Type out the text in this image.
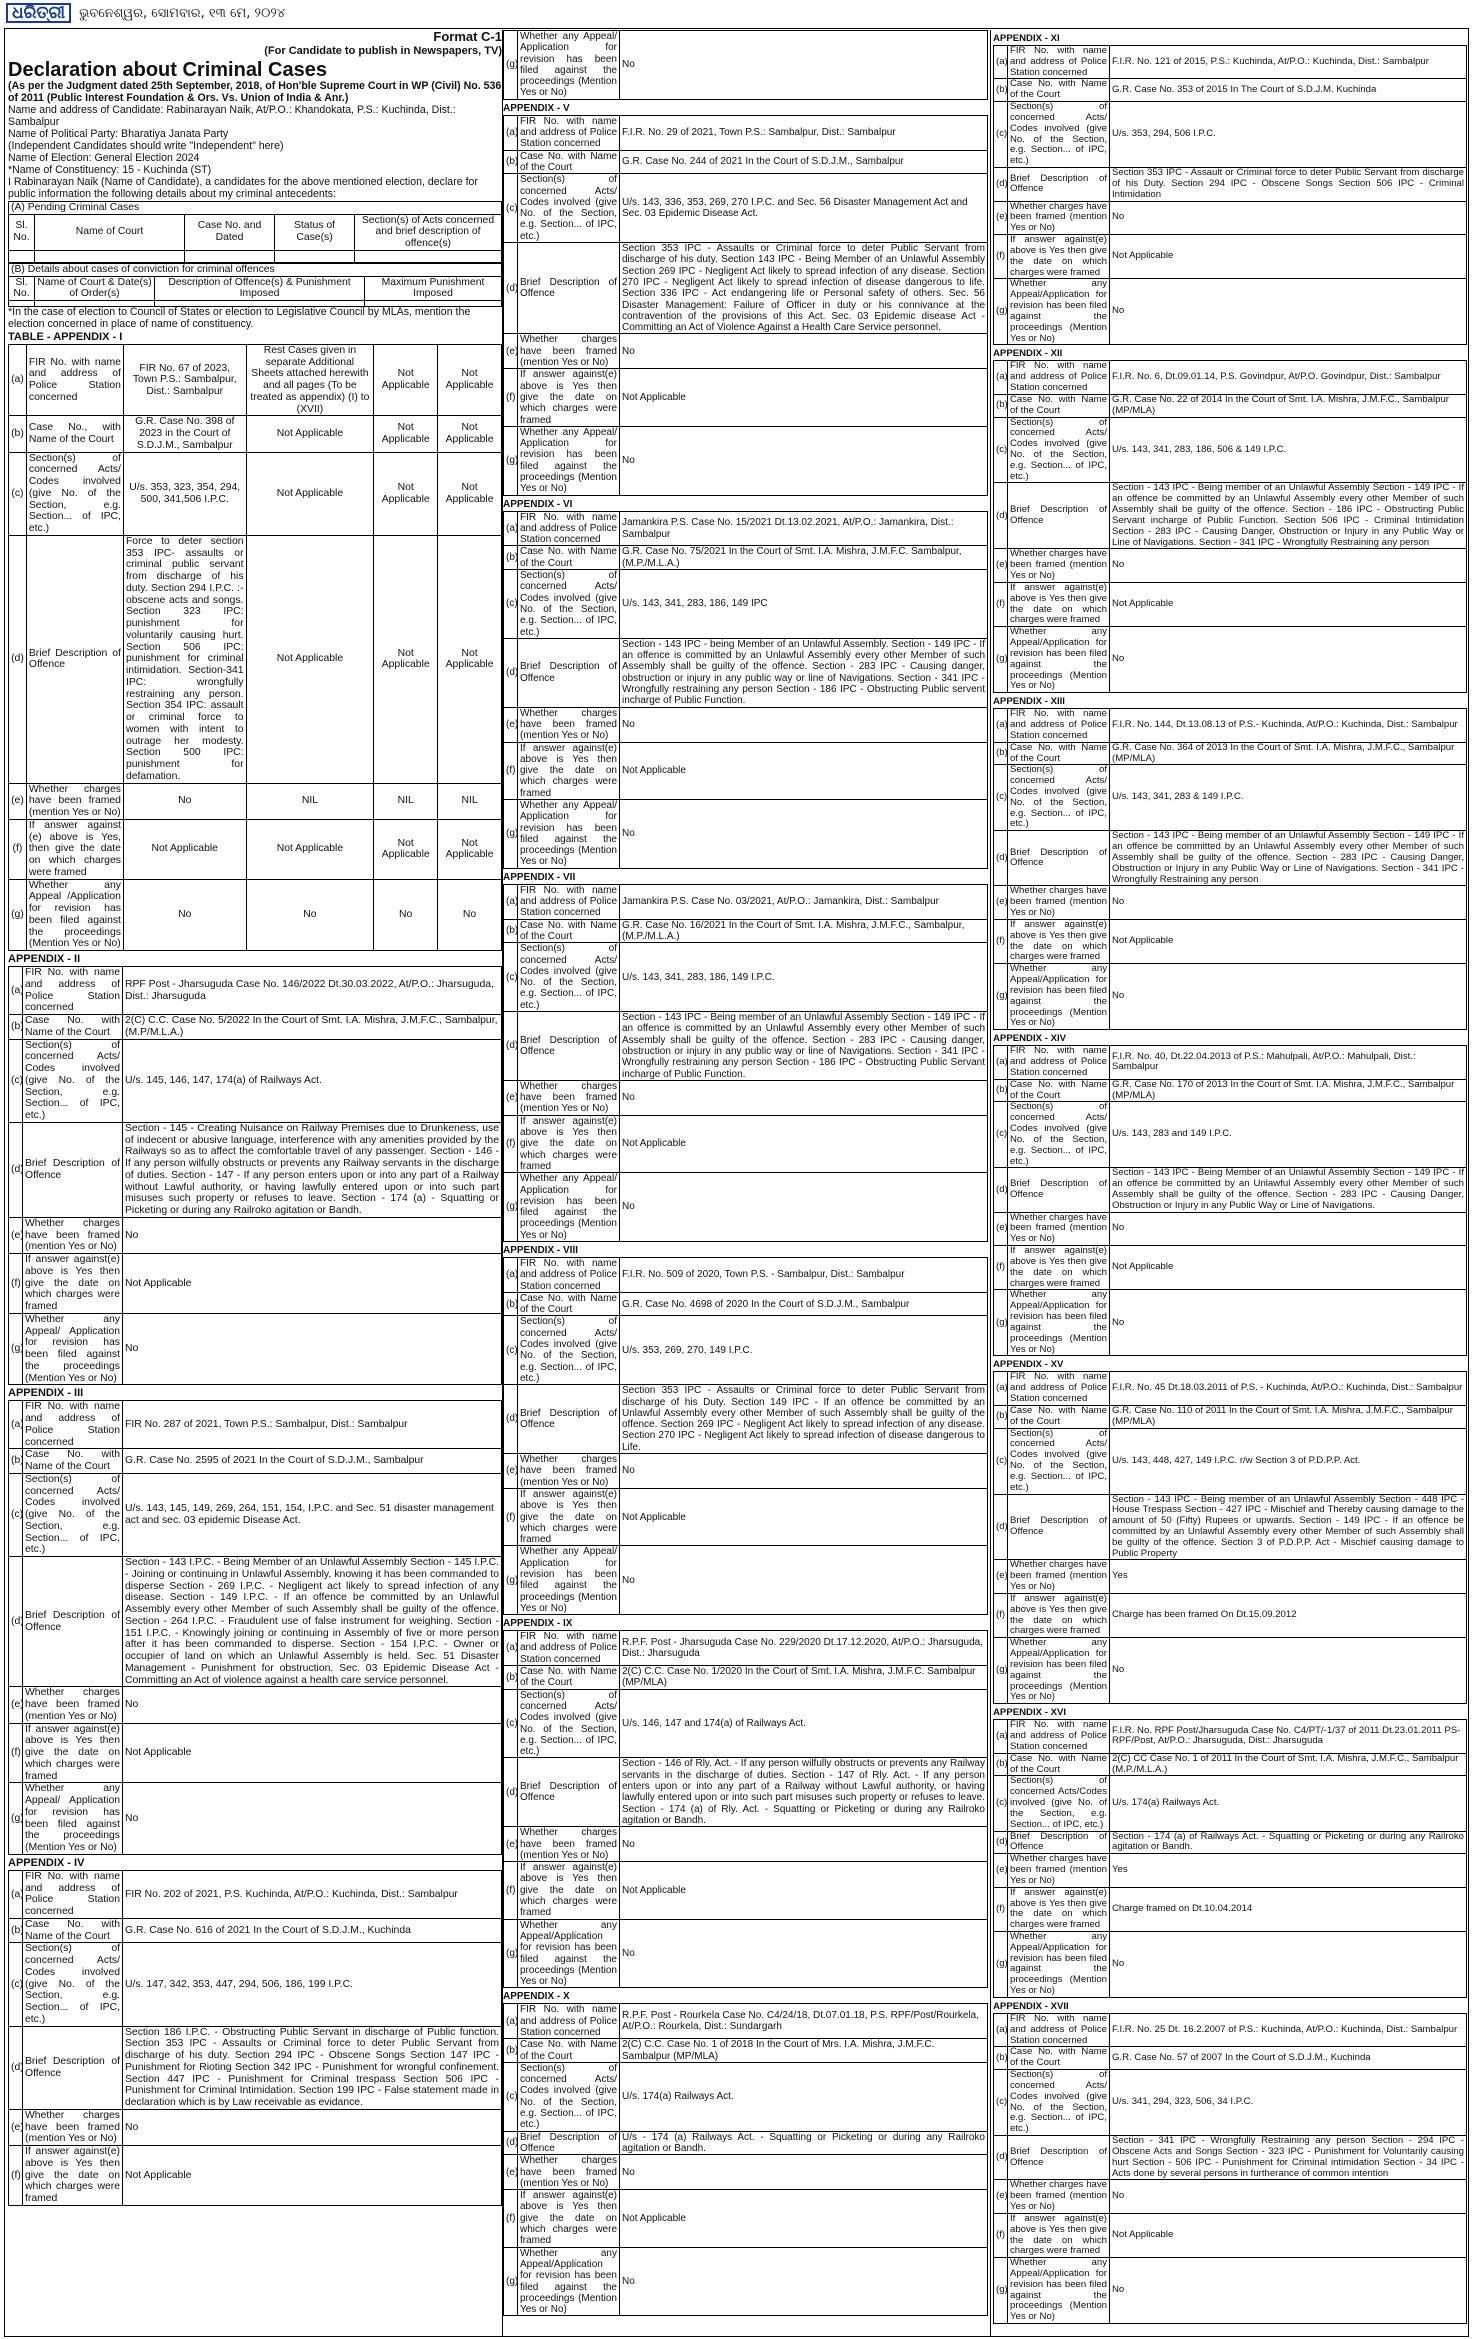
ଧରିତ୍ରୀ	ଭୁବନେଶ୍ୱର, ସୋମବାର, ୧୩ ମେ, ୨୦୨୪
Format C-1
(For Candidate to publish in Newspapers, TV)
Declaration about Criminal Cases
(As per the Judgment dated 25th September, 2018, of Hon'ble Supreme Court in WP (Civil) No. 536 of 2011 (Public Interest Foundation & Ors. Vs. Union of India & Anr.)
Name and address of Candidate: Rabinarayan Naik, At/P.O.: Khandokata, P.S.: Kuchinda, Dist.: Sambalpur
Name of Political Party: Bharatiya Janata Party
(Independent Candidates should write "Independent" here)
Name of Election: General Election 2024
*Name of Constituency: 15 - Kuchinda (ST)
I Rabinarayan Naik (Name of Candidate), a candidates for the above mentioned election, declare for public information the following details about my criminal antecedents:
(A) Pending Criminal Cases
Sl. No.	Name of Court	Case No. and Dated	Status of Case(s)	Section(s) of Acts concerned and brief description of offence(s)

(B) Details about cases of conviction for criminal offences
Sl. No.	Name of Court & Date(s) of Order(s)	Description of Offence(s) & Punishment Imposed	Maximum Punishment Imposed

*In the case of election to Council of States or election to Legislative Council by MLAs, mention the election concerned in place of name of constituency.
TABLE - APPENDIX - I
(a)	FIR No. with name and address of Police Station concerned	FIR No. 67 of 2023, Town P.S.: Sambalpur, Dist.: Sambalpur	Rest Cases given in separate Additional Sheets attached herewith and all pages (To be treated as appendix) (I) to (XVII)	Not Applicable	Not Applicable
(b)	Case No., with Name of the Court	G.R. Case No. 398 of 2023 in the Court of S.D.J.M., Sambalpur	Not Applicable	Not Applicable	Not Applicable
(c)	Section(s) of concerned Acts/ Codes involved (give No. of the Section, e.g. Section... of IPC, etc.)	U/s. 353, 323, 354, 294, 500, 341,506 I.P.C.	Not Applicable	Not Applicable	Not Applicable
(d)	Brief Description of Offence	Force to deter section 353 IPC- assaults or criminal public servant from discharge of his duty. Section 294 I.P.C. :- obscene acts and songs. Section 323 IPC: punishment for voluntarily causing hurt. Section 506 IPC: punishment for criminal intimidation. Section-341 IPC: wrongfully restraining any person. Section 354 IPC: assault or criminal force to women with intent to outrage her modesty. Section 500 IPC: punishment for defamation.	Not Applicable	Not Applicable	Not Applicable
(e)	Whether charges have been framed (mention Yes or No)	No	NIL	NIL	NIL
(f)	If answer against (e) above is Yes, then give the date on which charges were framed	Not Applicable	Not Applicable	Not Applicable	Not Applicable
(g)	Whether any Appeal /Application for revision has been filed against the proceedings (Mention Yes or No)	No	No	No	No
APPENDIX - II
(a)	FIR No. with name and address of Police Station concerned	RPF Post - Jharsuguda Case No. 146/2022 Dt.30.03.2022, At/P.O.: Jharsuguda, Dist.: Jharsuguda
(b)	Case No. with Name of the Court	2(C) C.C. Case No. 5/2022 In the Court of Smt. I.A. Mishra, J.M.F.C., Sambalpur, (M.P/M.L.A.)
(c)	Section(s) of concerned Acts/ Codes involved (give No. of the Section, e.g. Section... of IPC, etc.)	U/s. 145, 146, 147, 174(a) of Railways Act.
(d)	Brief Description of Offence	Section - 145 - Creating Nuisance on Railway Premises due to Drunkeness, use of indecent or abusive language, interference with any amenities provided by the Railways so as to affect the comfortable travel of any passenger. Section - 146 - If any person wilfully obstructs or prevents any Railway servants in the discharge of duties. Section - 147 - If any person enters upon or into any part of a Railway without Lawful authority, or having lawfully entered upon or into such part misuses such property or refuses to leave. Section - 174 (a) - Squatting or Picketing or during any Railroko agitation or Bandh.
(e)	Whether charges have been framed (mention Yes or No)	No
(f)	If answer against(e) above is Yes then give the date on which charges were framed	Not Applicable
(g)	Whether any Appeal/ Application for revision has been filed against the proceedings (Mention Yes or No)	No
APPENDIX - III
(a)	FIR No. with name and address of Police Station concerned	FIR No. 287 of 2021, Town P.S.: Sambalpur, Dist.: Sambalpur
(b)	Case No. with Name of the Court	G.R. Case No. 2595 of 2021 In the Court of S.D.J.M., Sambalpur
(c)	Section(s) of concerned Acts/ Codes involved (give No. of the Section, e.g. Section... of IPC, etc.)	U/s. 143, 145, 149, 269, 264, 151, 154, I.P.C. and Sec. 51 disaster management act and sec. 03 epidemic Disease Act.
(d)	Brief Description of Offence	Section - 143 I.P.C. - Being Member of an Unlawful Assembly Section - 145 I.P.C. - Joining or continuing in Unlawful Assembly, knowing it has been commanded to disperse Section - 269 I.P.C. - Negligent act likely to spread infection of any disease. Section - 149 I.P.C. - If an offence be committed by an Unlawful Assembly every other Member of such Assembly shall be guilty of the offence. Section - 264 I.P.C. - Fraudulent use of false instrument for weighing. Section - 151 I.P.C. - Knowingly joining or continuing in Assembly of five or more person after it has been commanded to disperse. Section - 154 I.P.C. - Owner or occupier of land on which an Unlawful Assembly is held. Sec. 51 Disaster Management - Punishment for obstruction. Sec. 03 Epidemic Disease Act - Committing an Act of violence against a health care service personnel.
(e)	Whether charges have been framed (mention Yes or No)	No
(f)	If answer against(e) above is Yes then give the date on which charges were framed	Not Applicable
(g)	Whether any Appeal/ Application for revision has been filed against the proceedings (Mention Yes or No)	No
APPENDIX - IV
(a)	FIR No. with name and address of Police Station concerned	FIR No. 202 of 2021, P.S. Kuchinda, At/P.O.: Kuchinda, Dist.: Sambalpur
(b)	Case No. with Name of the Court	G.R. Case No. 616 of 2021 In the Court of S.D.J.M., Kuchinda
(c)	Section(s) of concerned Acts/ Codes involved (give No. of the Section, e.g. Section... of IPC, etc.)	U/s. 147, 342, 353, 447, 294, 506, 186, 199 I.P.C.
(d)	Brief Description of Offence	Section 186 I.P.C. - Obstructing Public Servant in discharge of Public function. Section 353 IPC - Assaults or Criminal force to deter Public Servant from discharge of his duty. Section 294 IPC - Obscene Songs Section 147 IPC - Punishment for Rioting Section 342 IPC - Punishment for wrongful confinement. Section 447 IPC - Punishment for Criminal trespass Section 506 IPC - Punishment for Criminal Intimidation. Section 199 IPC - False statement made in declaration which is by Law receivable as evidance.
(e)	Whether charges have been framed (mention Yes or No)	No
(f)	If answer against(e) above is Yes then give the date on which charges were framed	Not Applicable
(g)	Whether any Appeal/ Application for revision has been filed against the proceedings (Mention Yes or No)	No
APPENDIX - V
(a)	FIR No. with name and address of Police Station concerned	F.I.R. No. 29 of 2021, Town P.S.: Sambalpur, Dist.: Sambalpur
(b)	Case No. with Name of the Court	G.R. Case No. 244 of 2021 In the Court of S.D.J.M., Sambalpur
(c)	Section(s) of concerned Acts/ Codes involved (give No. of the Section, e.g. Section... of IPC, etc.)	U/s. 143, 336, 353, 269, 270 I.P.C. and Sec. 56 Disaster Management Act and Sec. 03 Epidemic Disease Act.
(d)	Brief Description of Offence	Section 353 IPC - Assaults or Criminal force to deter Public Servant from discharge of his duty. Section 143 IPC - Being Member of an Unlawful Assembly Section 269 IPC - Negligent Act likely to spread infection of any disease. Section 270 IPC - Negligent Act likely to spread infection of disease dangerous to life. Section 336 IPC - Act endangering life or Personal safety of others. Sec. 56 Disaster Management: Failure of Officer in duty or his connivance at the contravention of the provisions of this Act. Sec. 03 Epidemic disease Act - Committing an Act of Violence Against a Health Care Service personnel.
(e)	Whether charges have been framed (mention Yes or No)	No
(f)	If answer against(e) above is Yes then give the date on which charges were framed	Not Applicable
(g)	Whether any Appeal/ Application for revision has been filed against the proceedings (Mention Yes or No)	No
APPENDIX - VI
(a)	FIR No. with name and address of Police Station concerned	Jamankira P.S. Case No. 15/2021 Dt.13.02.2021, At/P.O.: Jamankira, Dist.: Sambalpur
(b)	Case No. with Name of the Court	G.R. Case No. 75/2021 In the Court of Smt. I.A. Mishra, J.M.F.C. Sambalpur, (M.P./M.L.A.)
(c)	Section(s) of concerned Acts/ Codes involved (give No. of the Section, e.g. Section... of IPC, etc.)	U/s. 143, 341, 283, 186, 149 IPC
(d)	Brief Description of Offence	Section - 143 IPC - being Member of an Unlawful Assembly. Section - 149 IPC - If an offence is committed by an Unlawful Assembly every other Member of such Assembly shall be guilty of the offence. Section - 283 IPC - Causing danger, obstruction or injury in any public way or line of Navigations. Section - 341 IPC - Wrongfully restraining any person Section - 186 IPC - Obstructing Public servent incharge of Public Function.
(e)	Whether charges have been framed (mention Yes or No)	No
(f)	If answer against(e) above is Yes then give the date on which charges were framed	Not Applicable
(g)	Whether any Appeal/ Application for revision has been filed against the proceedings (Mention Yes or No)	No
APPENDIX - VII
(a)	FIR No. with name and address of Police Station concerned	Jamankira P.S. Case No. 03/2021, At/P.O.: Jamankira, Dist.: Sambalpur
(b)	Case No. with Name of the Court	G.R. Case No. 16/2021 In the Court of Smt. I.A. Mishra, J.M.F.C., Sambalpur, (M.P./M.L.A.)
(c)	Section(s) of concerned Acts/ Codes involved (give No. of the Section, e.g. Section... of IPC, etc.)	U/s. 143, 341, 283, 186, 149 I.P.C.
(d)	Brief Description of Offence	Section - 143 IPC - Being member of an Unlawful Assembly Section - 149 IPC - If an offence is committed by an Unlawful Assembly every other Member of such Assembly shall be guilty of the offence. Section - 283 IPC - Causing danger, obstruction or injury in any public way or line of Navigations. Section - 341 IPC - Wrongfully restraining any person Section - 186 IPC - Obstructing Public Servant incharge of Public Function.
(e)	Whether charges have been framed (mention Yes or No)	No
(f)	If answer against(e) above is Yes then give the date on which charges were framed	Not Applicable
(g)	Whether any Appeal/ Application for revision has been filed against the proceedings (Mention Yes or No)	No
APPENDIX - VIII
(a)	FIR No. with name and address of Police Station concerned	F.I.R. No. 509 of 2020, Town P.S. - Sambalpur, Dist.: Sambalpur
(b)	Case No. with Name of the Court	G.R. Case No. 4698 of 2020 In the Court of S.D.J.M., Sambalpur
(c)	Section(s) of concerned Acts/ Codes involved (give No. of the Section, e.g. Section... of IPC, etc.)	U/s. 353, 269, 270, 149 I.P.C.
(d)	Brief Description of Offence	Section 353 IPC - Assaults or Criminal force to deter Public Servant from discharge of his Duty. Section 149 IPC - If an offence be committed by an Unlawful Assembly every other Member of such Assembly shall be guilty of the offence. Section 269 IPC - Negligent Act likely to spread infection of any disease. Section 270 IPC - Negligent Act likely to spread infection of disease dangerous to Life.
(e)	Whether charges have been framed (mention Yes or No)	No
(f)	If answer against(e) above is Yes then give the date on which charges were framed	Not Applicable
(g)	Whether any Appeal/ Application for revision has been filed against the proceedings (Mention Yes or No)	No
APPENDIX - IX
(a)	FIR No. with name and address of Police Station concerned	R.P.F. Post - Jharsuguda Case No. 229/2020 Dt.17.12.2020, At/P.O.: Jharsuguda, Dist.: Jharsuguda
(b)	Case No. with Name of the Court	2(C) C.C. Case No. 1/2020 In the Court of Smt. I.A. Mishra, J.M.F.C. Sambalpur (MP/MLA)
(c)	Section(s) of concerned Acts/ Codes involved (give No. of the Section, e.g. Section... of IPC, etc.)	U/s. 146, 147 and 174(a) of Railways Act.
(d)	Brief Description of Offence	Section - 146 of Rly. Act. - If any person wilfully obstructs or prevents any Railway servants in the discharge of duties. Section - 147 of Rly. Act. - If any person enters upon or into any part of a Railway without Lawful authority, or having lawfully entered upon or into such part misuses such property or refuses to leave. Section - 174 (a) of Rly. Act. - Squatting or Picketing or during any Railroko agitation or Bandh.
(e)	Whether charges have been framed (mention Yes or No)	No
(f)	If answer against(e) above is Yes then give the date on which charges were framed	Not Applicable
(g)	Whether any Appeal/Application for revision has been filed against the proceedings (Mention Yes or No)	No
APPENDIX - X
(a)	FIR No. with name and address of Police Station concerned	R.P.F. Post - Rourkela Case No. C4/24/18, Dt.07.01.18, P.S. RPF/Post/Rourkela, At/P.O.: Rourkela, Dist.: Sundargarh
(b)	Case No. with Name of the Court	2(C) C.C. Case No. 1 of 2018 In the Court of Mrs. I.A. Mishra, J.M.F.C. Sambalpur (MP/MLA)
(c)	Section(s) of concerned Acts/ Codes involved (give No. of the Section, e.g. Section... of IPC, etc.)	U/s. 174(a) Railways Act.
(d)	Brief Description of Offence	U/s - 174 (a) Railways Act. - Squatting or Picketing or during any Railroko agitation or Bandh.
(e)	Whether charges have been framed (mention Yes or No)	No
(f)	If answer against(e) above is Yes then give the date on which charges were framed	Not Applicable
(g)	Whether any Appeal/Application for revision has been filed against the proceedings (Mention Yes or No)	No
APPENDIX - XI
(a)	FIR No. with name and address of Police Station concerned	F.I.R. No. 121 of 2015, P.S.: Kuchinda, At/P.O.: Kuchinda, Dist.: Sambalpur
(b)	Case No. with Name of the Court	G.R. Case No. 353 of 2015 In The Court of S.D.J.M. Kuchinda
(c)	Section(s) of concerned Acts/ Codes involved (give No. of the Section, e.g. Section... of IPC, etc.)	U/s. 353, 294, 506 I.P.C.
(d)	Brief Description of Offence	Section 353 IPC - Assault or Criminal force to deter Public Servant from discharge of his Duty. Section 294 IPC - Obscene Songs Section 506 IPC - Criminal Intimidation
(e)	Whether charges have been framed (mention Yes or No)	No
(f)	If answer against(e) above is Yes then give the date on which charges were framed	Not Applicable
(g)	Whether any Appeal/Application for revision has been filed against the proceedings (Mention Yes or No)	No
APPENDIX - XII
(a)	FIR No. with name and address of Police Station concerned	F.I.R. No. 6, Dt.09.01.14, P.S. Govindpur, At/P.O. Govindpur, Dist.: Sambalpur
(b)	Case No. with Name of the Court	G.R. Case No. 22 of 2014 In the Court of Smt. I.A. Mishra, J.M.F.C., Sambalpur (MP/MLA)
(c)	Section(s) of concerned Acts/ Codes involved (give No. of the Section, e.g. Section... of IPC, etc.)	U/s. 143, 341, 283, 186, 506 & 149 I.P.C.
(d)	Brief Description of Offence	Section - 143 IPC - Being member of an Unlawful Assembly Section - 149 IPC - If an offence be committed by an Unlawful Assembly every other Member of such Assembly shall be guilty of the offence. Section - 186 IPC - Obstructing Public Servant incharge of Public Function. Section 506 IPC - Criminal Intimidation Section - 283 IPC - Causing Danger, Obstruction or Injury in any Public Way or Line of Navigations. Section - 341 IPC - Wrongfully Restraining any person
(e)	Whether charges have been framed (mention Yes or No)	No
(f)	If answer against(e) above is Yes then give the date on which charges were framed	Not Applicable
(g)	Whether any Appeal/Application for revision has been filed against the proceedings (Mention Yes or No)	No
APPENDIX - XIII
(a)	FIR No. with name and address of Police Station concerned	F.I.R. No. 144, Dt.13.08.13 of P.S.- Kuchinda, At/P.O.: Kuchinda, Dist.: Sambalpur
(b)	Case No. with Name of the Court	G.R. Case No. 364 of 2013 In the Court of Smt. I.A. Mishra, J.M.F.C., Sambalpur (MP/MLA)
(c)	Section(s) of concerned Acts/ Codes involved (give No. of the Section, e.g. Section... of IPC, etc.)	U/s. 143, 341, 283 & 149 I.P.C.
(d)	Brief Description of Offence	Section - 143 IPC - Being member of an Unlawful Assembly Section - 149 IPC - If an offence be committed by an Unlawful Assembly every other Member of such Assembly shall be guilty of the offence. Section - 283 IPC - Causing Danger, Obstruction or Injury in any Public Way or Line of Navigations. Section - 341 IPC - Wrongfully Restraining any person
(e)	Whether charges have been framed (mention Yes or No)	No
(f)	If answer against(e) above is Yes then give the date on which charges were framed	Not Applicable
(g)	Whether any Appeal/Application for revision has been filed against the proceedings (Mention Yes or No)	No
APPENDIX - XIV
(a)	FIR No. with name and address of Police Station concerned	F.I.R. No. 40, Dt.22.04.2013 of P.S.: Mahulpali, At/P.O.: Mahulpali, Dist.: Sambalpur
(b)	Case No. with Name of the Court	G.R. Case No. 170 of 2013 In the Court of Smt. I.A. Mishra, J.M.F.C., Sambalpur (MP/MLA)
(c)	Section(s) of concerned Acts/ Codes involved (give No. of the Section, e.g. Section... of IPC, etc.)	U/s. 143, 283 and 149 I.P.C.
(d)	Brief Description of Offence	Section - 143 IPC - Being Member of an Unlawful Assembly Section - 149 IPC - If an offence be committed by an Unlawful Assembly every other Member of such Assembly shall be guilty of the offence. Section - 283 IPC - Causing Danger, Obstruction or Injury in any Public Way or Line of Navigations.
(e)	Whether charges have been framed (mention Yes or No)	No
(f)	If answer against(e) above is Yes then give the date on which charges were framed	Not Applicable
(g)	Whether any Appeal/Application for revision has been filed against the proceedings (Mention Yes or No)	No
APPENDIX - XV
(a)	FIR No. with name and address of Police Station concerned	F.I.R. No. 45 Dt.18.03.2011 of P.S. - Kuchinda, At/P.O.: Kuchinda, Dist.: Sambalpur
(b)	Case No. with Name of the Court	G.R. Case No. 110 of 2011 In the Court of Smt. I.A. Mishra, J.M.F.C., Sambalpur (MP/MLA)
(c)	Section(s) of concerned Acts/ Codes involved (give No. of the Section, e.g. Section... of IPC, etc.)	U/s. 143, 448, 427, 149 I.P.C. r/w Section 3 of P.D.P.P. Act.
(d)	Brief Description of Offence	Section - 143 IPC - Being member of an Unlawful Assembly Section - 448 IPC - House Trespass Section - 427 IPC - Mischief and Thereby causing damage to the amount of 50 (Fifty) Rupees or upwards. Section - 149 IPC - If an offence be committed by an Unlawful Assembly every other Member of such Assembly shall be guilty of the offence. Section 3 of P.D.P.P. Act - Mischief causing damage to Public Property
(e)	Whether charges have been framed (mention Yes or No)	Yes
(f)	If answer against(e) above is Yes then give the date on which charges were framed	Charge has been framed On Dt.15.09.2012
(g)	Whether any Appeal/Application for revision has been filed against the proceedings (Mention Yes or No)	No
APPENDIX - XVI
(a)	FIR No. with name and address of Police Station concerned	F.I.R. No. RPF Post/Jharsuguda Case No. C4/PT/-1/37 of 2011 Dt.23.01.2011 PS-RPF/Post, At/P.O.: Jharsuguda, Dist.: Jharsuguda
(b)	Case No. with Name of the Court	2(C) CC Case No. 1 of 2011 In the Court of Smt. I.A. Mishra, J.M.F.C., Sambalpur (M.P./M.L.A.)
(c)	Section(s) of concerned Acts/Codes involved (give No. of the Section, e.g. Section... of IPC, etc.)	U/s. 174(a) Railways Act.
(d)	Brief Description of Offence	Section - 174 (a) of Railways Act. - Squatting or Picketing or during any Railroko agitation or Bandh.
(e)	Whether charges have been framed (mention Yes or No)	Yes
(f)	If answer against(e) above is Yes then give the date on which charges were framed	Charge framed on Dt.10.04.2014
(g)	Whether any Appeal/Application for revision has been filed against the proceedings (Mention Yes or No)	No
APPENDIX - XVII
(a)	FIR No. with name and address of Police Station concerned	F.I.R. No. 25 Dt. 16.2.2007 of P.S.: Kuchinda, At/P.O.: Kuchinda, Dist.: Sambalpur
(b)	Case No. with Name of the Court	G.R. Case No. 57 of 2007 In the Court of S.D.J.M., Kuchinda
(c)	Section(s) of concerned Acts/ Codes involved (give No. of the Section, e.g. Section... of IPC, etc.)	U/s. 341, 294, 323, 506, 34 I.P.C.
(d)	Brief Description of Offence	Section - 341 IPC - Wrongfully Restraining any person Section - 294 IPC - Obscene Acts and Songs Section - 323 IPC - Punishment for Voluntarily causing hurt Section - 506 IPC - Punishment for Criminal intimidation Section - 34 IPC - Acts done by several persons in furtherance of common intention
(e)	Whether charges have been framed (mention Yes or No)	No
(f)	If answer against(e) above is Yes then give the date on which charges were framed	Not Applicable
(g)	Whether any Appeal/Application for revision has been filed against the proceedings (Mention Yes or No)	No
